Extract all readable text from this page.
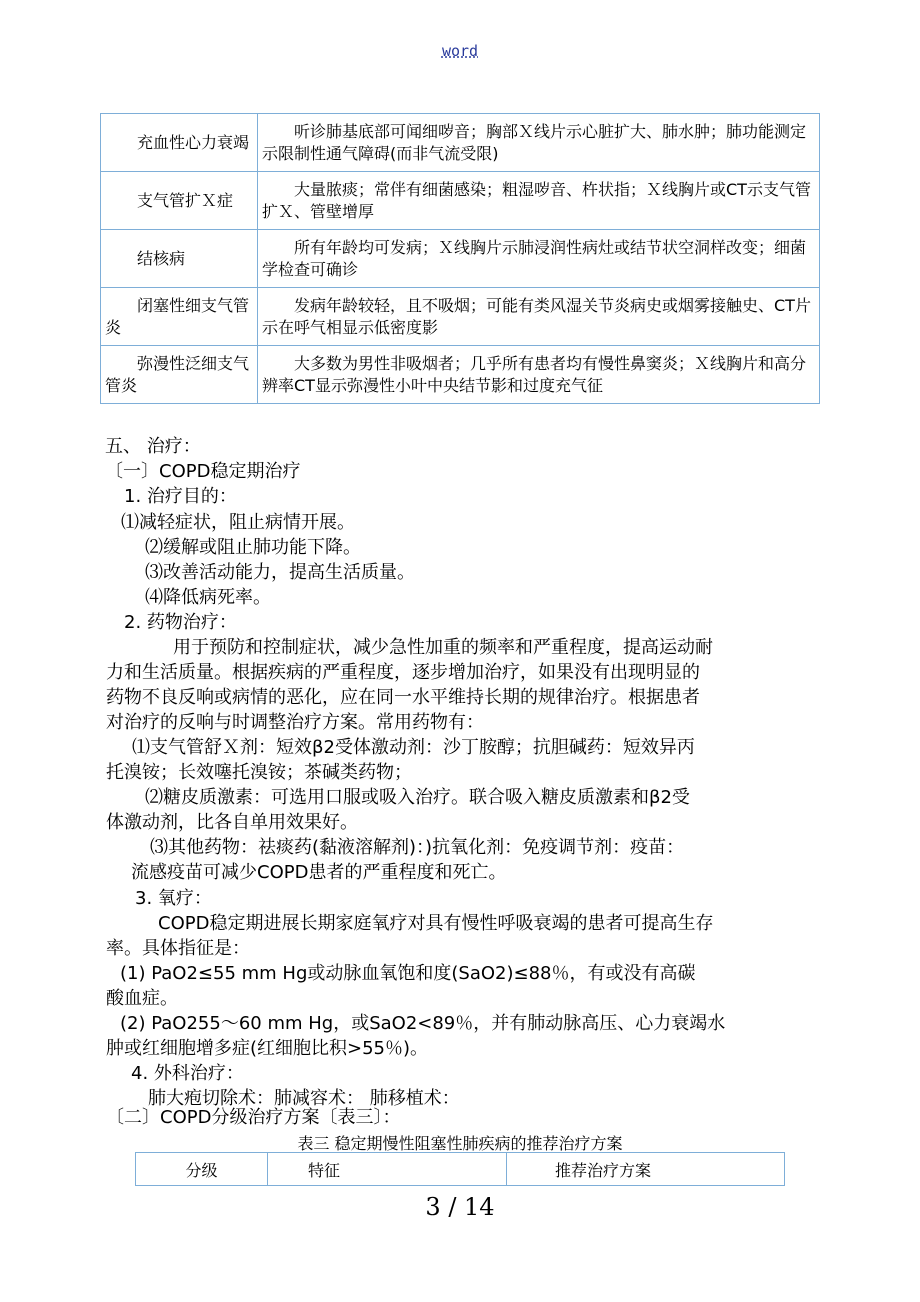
word
充血性心力衰竭	听诊肺基底部可闻细哕音；胸部Ｘ线片示心脏扩大、肺水肿；肺功能测定示限制性通气障碍(而非气流受限)
支气管扩Ｘ症	大量脓痰；常伴有细菌感染；粗湿哕音、杵状指；Ｘ线胸片或CT示支气管扩Ｘ、管壁增厚
结核病	所有年龄均可发病；Ｘ线胸片示肺浸润性病灶或结节状空洞样改变；细菌学检查可确诊
闭塞性细支气管炎	发病年龄较轻，且不吸烟；可能有类风湿关节炎病史或烟雾接触史、CT片示在呼气相显示低密度影
弥漫性泛细支气管炎	大多数为男性非吸烟者；几乎所有患者均有慢性鼻窦炎；Ｘ线胸片和高分辨率CT显示弥漫性小叶中央结节影和过度充气征
五、 治疗：
〔一〕COPD稳定期治疗
1. 治疗目的：
⑴减轻症状，阻止病情开展。
⑵缓解或阻止肺功能下降。
⑶改善活动能力，提高生活质量。
⑷降低病死率。
2. 药物治疗：
用于预防和控制症状，减少急性加重的频率和严重程度，提高运动耐
力和生活质量。根据疾病的严重程度，逐步增加治疗，如果没有出现明显的
药物不良反响或病情的恶化，应在同一水平维持长期的规律治疗。根据患者
对治疗的反响与时调整治疗方案。常用药物有：
⑴支气管舒Ｘ剂：短效β2受体激动剂：沙丁胺醇；抗胆碱药：短效异丙
托溴铵；长效噻托溴铵；茶碱类药物；
⑵糖皮质激素：可选用口服或吸入治疗。联合吸入糖皮质激素和β2受
体激动剂，比各自单用效果好。
⑶其他药物：祛痰药(黏液溶解剂)：)抗氧化剂：免疫调节剂：疫苗：
流感疫苗可减少COPD患者的严重程度和死亡。
3. 氧疗：
COPD稳定期进展长期家庭氧疗对具有慢性呼吸衰竭的患者可提高生存
率。具体指征是：
(1) PaO2≤55 mm Hg或动脉血氧饱和度(SaO2)≤88％，有或没有高碳
酸血症。
(2) PaO255～60 mm Hg，或SaO2<89％，并有肺动脉高压、心力衰竭水
肿或红细胞增多症(红细胞比积>55％)。
4. 外科治疗：
肺大疱切除术：肺减容术： 肺移植术：
〔二〕COPD分级治疗方案〔表三〕：
表三 稳定期慢性阻塞性肺疾病的推荐治疗方案
分级	特征	推荐治疗方案
3 / 14
